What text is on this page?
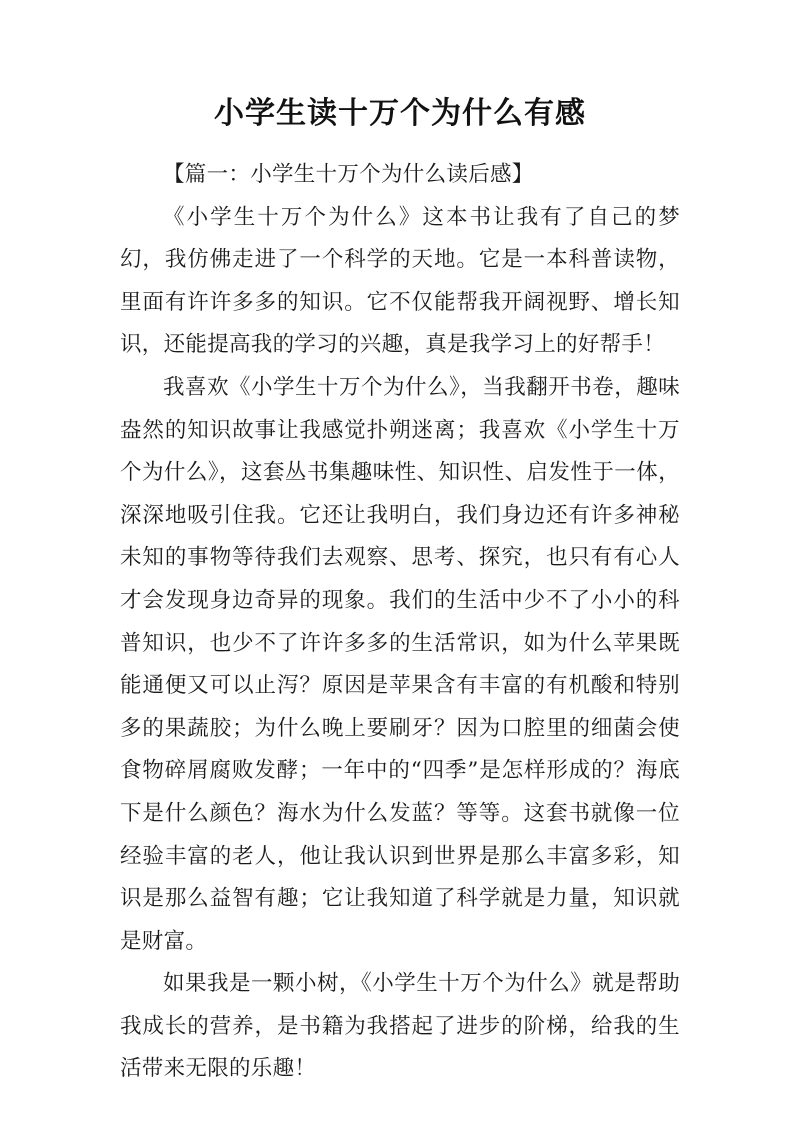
小学生读十万个为什么有感

【篇一：小学生十万个为什么读后感】

《小学生十万个为什么》这本书让我有了自己的梦幻，我仿佛走进了一个科学的天地。它是一本科普读物，里面有许许多多的知识。它不仅能帮我开阔视野、增长知识，还能提高我的学习的兴趣，真是我学习上的好帮手！

我喜欢《小学生十万个为什么》，当我翻开书卷，趣味盎然的知识故事让我感觉扑朔迷离；我喜欢《小学生十万个为什么》，这套丛书集趣味性、知识性、启发性于一体，深深地吸引住我。它还让我明白，我们身边还有许多神秘未知的事物等待我们去观察、思考、探究，也只有有心人才会发现身边奇异的现象。我们的生活中少不了小小的科普知识，也少不了许许多多的生活常识，如为什么苹果既能通便又可以止泻？原因是苹果含有丰富的有机酸和特别多的果蔬胶；为什么晚上要刷牙？因为口腔里的细菌会使食物碎屑腐败发酵；一年中的“四季”是怎样形成的？海底下是什么颜色？海水为什么发蓝？等等。这套书就像一位经验丰富的老人，他让我认识到世界是那么丰富多彩，知识是那么益智有趣；它让我知道了科学就是力量，知识就是财富。

如果我是一颗小树，《小学生十万个为什么》就是帮助我成长的营养，是书籍为我搭起了进步的阶梯，给我的生活带来无限的乐趣！
